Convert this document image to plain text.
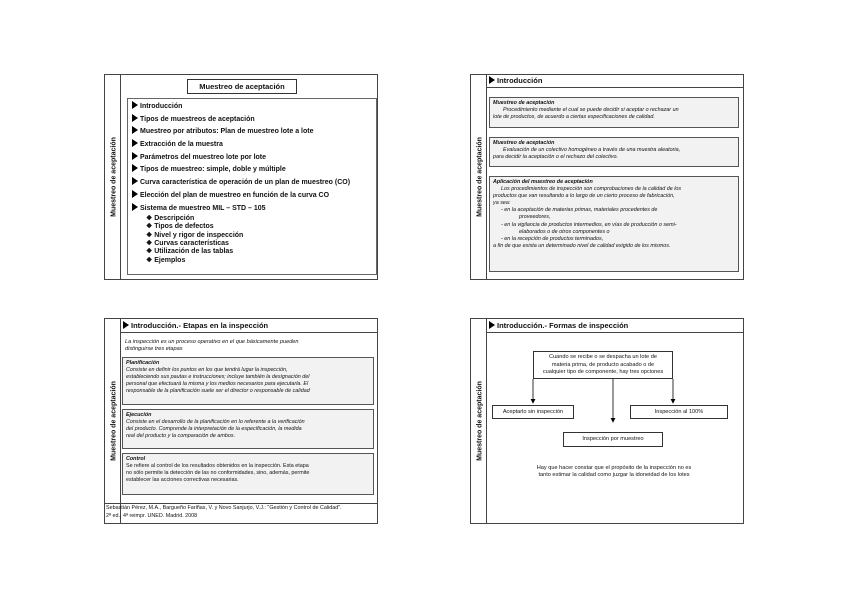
Muestreo de aceptación
Muestreo de aceptación
Introducción
Tipos de muestreos de aceptación
Muestreo por atributos: Plan de muestreo lote a lote
Extracción de la muestra
Parámetros del muestreo lote por lote
Tipos de muestreo: simple, doble y múltiple
Curva característica de operación de un plan de muestreo (CO)
Elección del plan de muestreo en función de la curva CO
Sistema de muestreo MIL – STD – 105
❖ Descripción
❖ Tipos de defectos
❖ Nivel y rigor de inspección
❖ Curvas características
❖ Utilización de las tablas
❖ Ejemplos
Muestreo de aceptación
Introducción
Muestreo de aceptación
Procedimiento mediante el cual se puede decidir si aceptar o rechazar un
lote de productos, de acuerdo a ciertas especificaciones de calidad.
Muestreo de aceptación
Evaluación de un colectivo homogéneo a través de una muestra aleatoria,
para decidir la aceptación o el rechazo del colectivo.
Aplicación del muestreo de aceptación
Los procedimientos de inspección son comprobaciones de la calidad de los
productos que van resultando a lo largo de un cierto proceso de fabricación,
ya sea:
- en la aceptación de materias primas, materiales procedentes de
proveedores,
- en la vigilancia de productos intermedios, en vías de producción o semi-
elaborados o de otros componentes o
- en la recepción de productos terminados,
a fin de que exista un determinado nivel de calidad exigido de los mismos.
Muestreo de aceptación
Introducción.- Etapas en la inspección
La inspección es un proceso operativo en el que básicamente pueden
distinguirse tres etapas
Planificación
Consiste en definir los puntos en los que tendrá lugar la inspección,
estableciendo sus pautas e instrucciones; incluye también la designación del
personal que efectuará la misma y los medios necesarios para ejecutarla. El
responsable de la planificación suele ser el director o responsable de calidad
Ejecución
Consiste en el desarrollo de la planificación en lo referente a la verificación
del producto. Comprende la interpretación de la especificación, la medida
real del producto y la comparación de ambos.
Control
Se refiere al control de los resultados obtenidos en la inspección. Esta etapa
no sólo permite la detección de las no conformidades, sino, además, permite
establecer las acciones correctivas necesarias.
Sebastián Pérez, M.A., Bargueño Fariñas, V. y Novo Sanjurjo, V.J.: "Gestión y Control de Calidad".
2ª ed., 4ª reimpr. UNED. Madrid. 2008
Muestreo de aceptación
Introducción.- Formas de inspección
Cuando se recibe o se despacha un lote de
materia prima, de producto acabado o de
cualquier tipo de componente, hay tres opciones
Aceptarlo sin inspección	Inspección al 100%
Inspección por muestreo
Hay que hacer constar que el propósito de la inspección no es
tanto estimar la calidad como juzgar la idoneidad de los lotes
